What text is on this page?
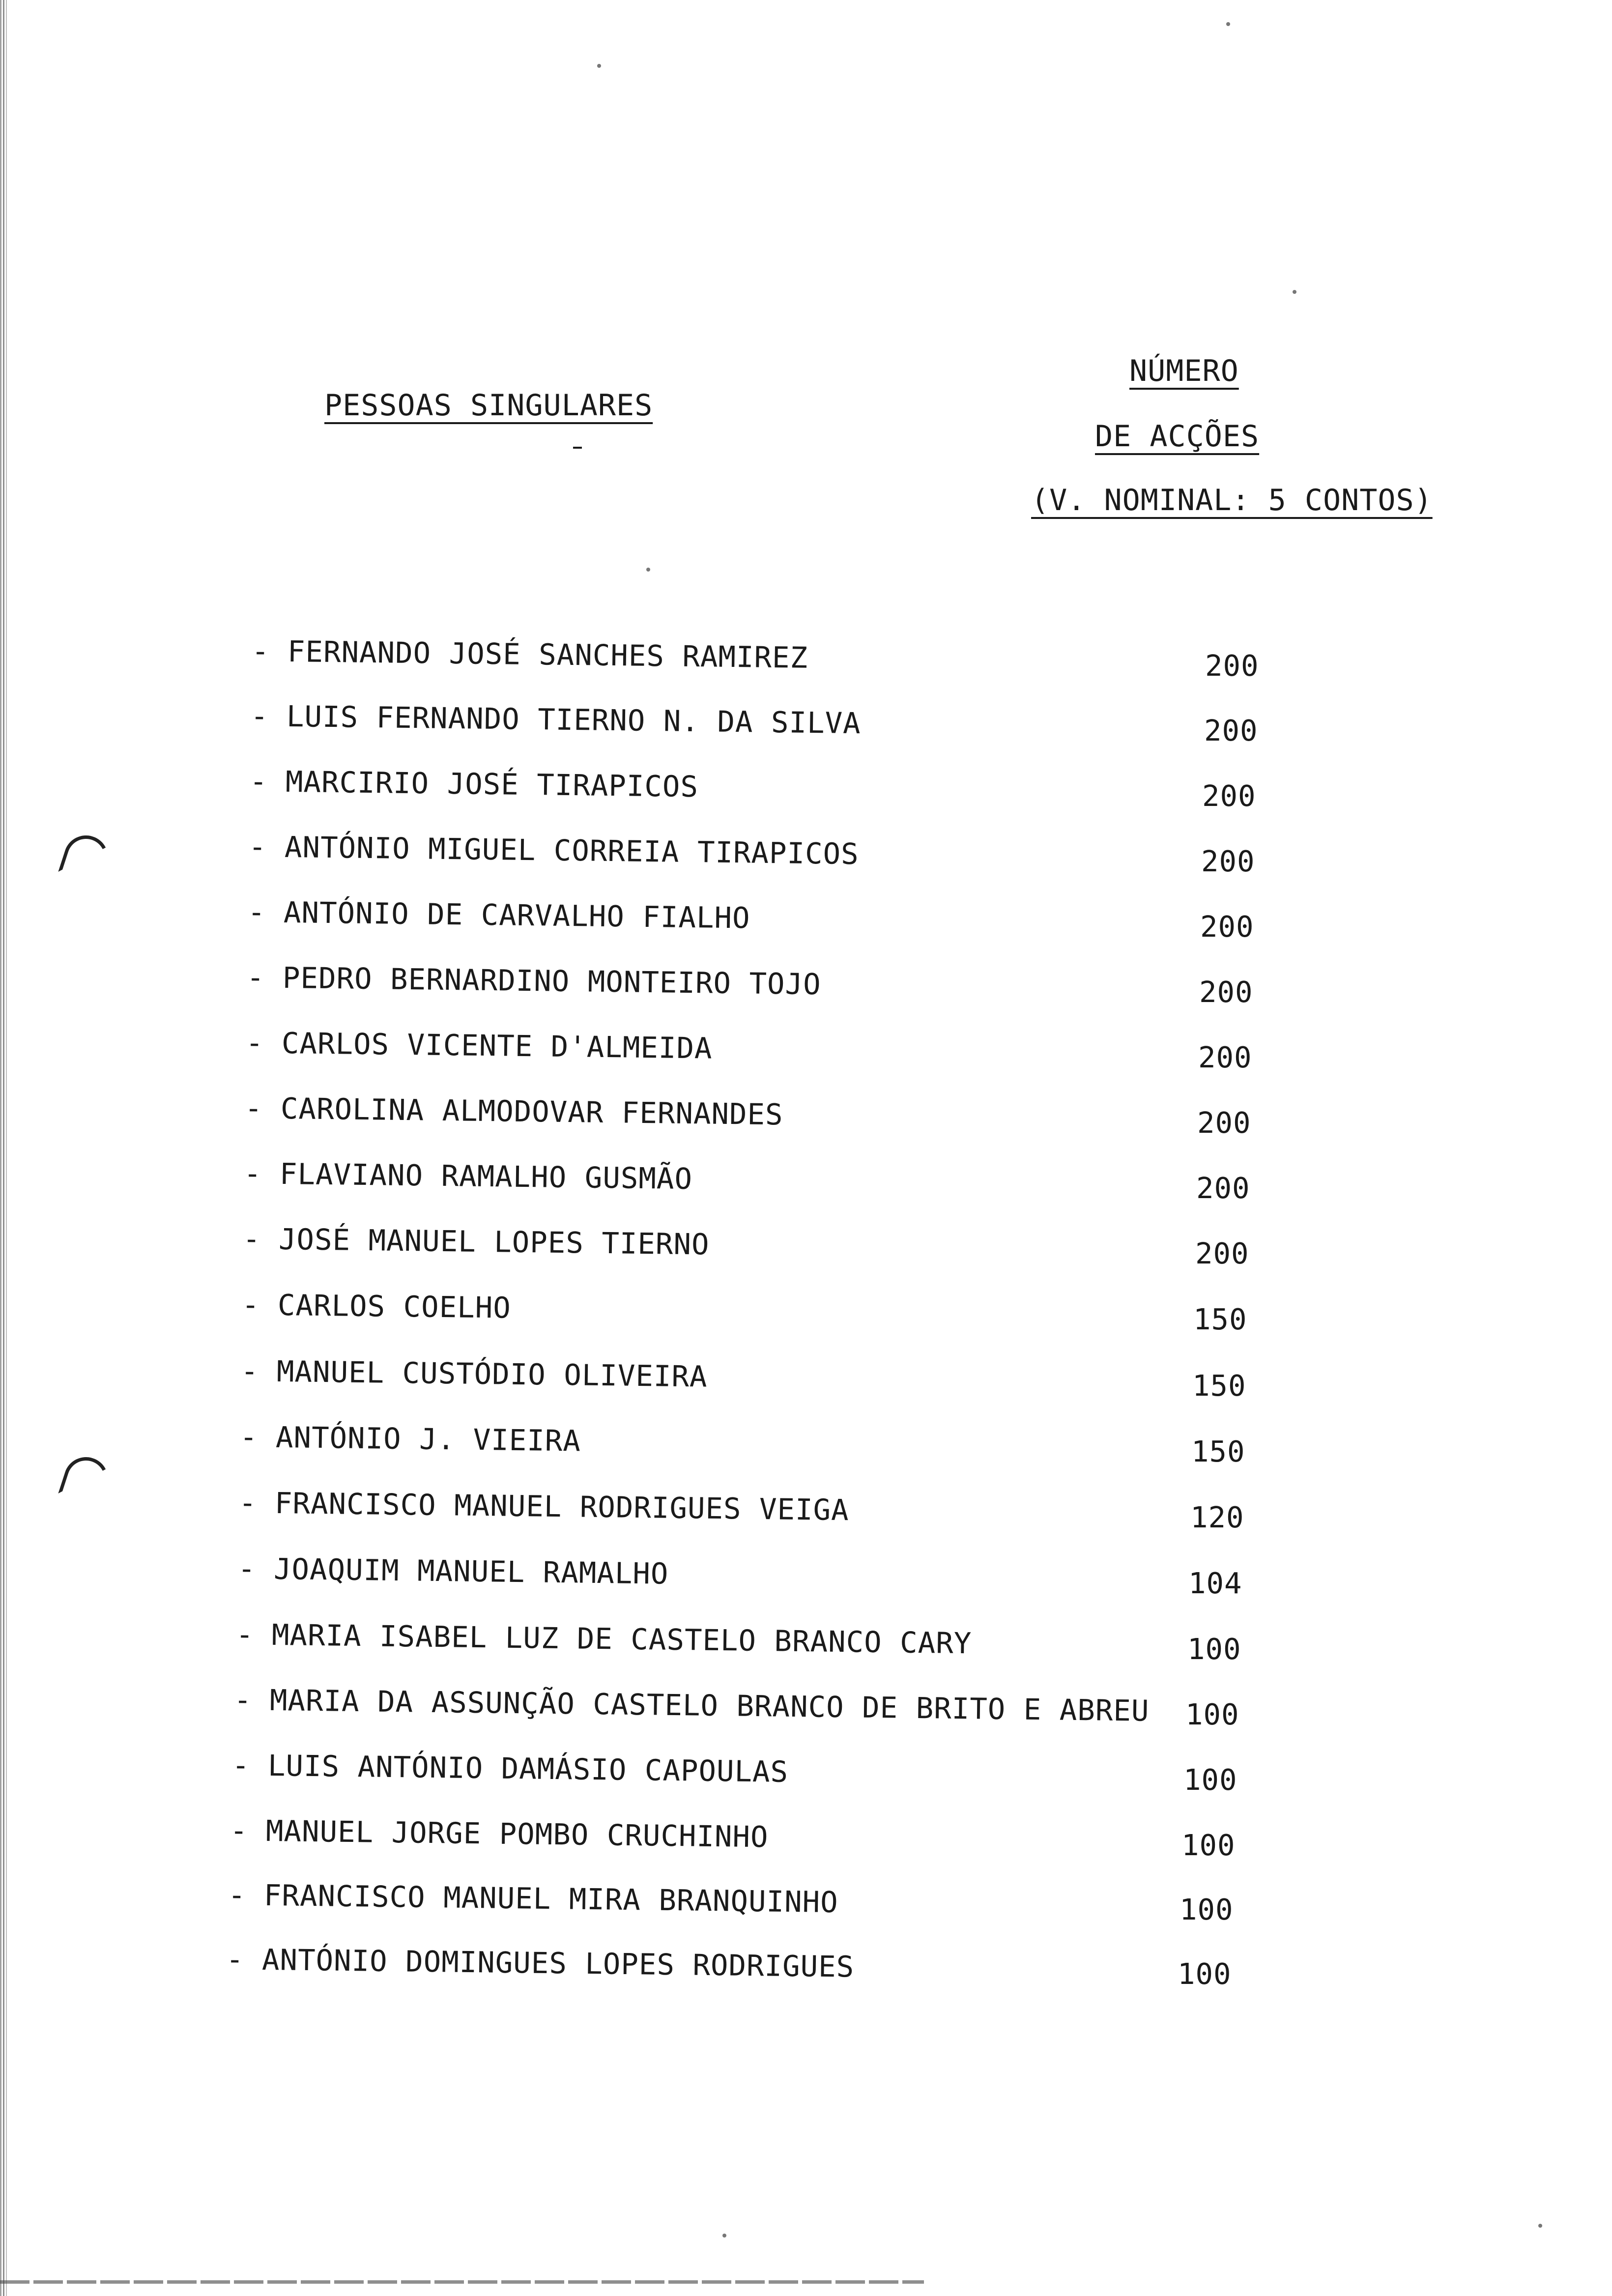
PESSOAS SINGULARES
NÚMERO
DE ACÇÕES
(V. NOMINAL: 5 CONTOS)
- FERNANDO JOSÉ SANCHES RAMIREZ	200
- LUIS FERNANDO TIERNO N. DA SILVA	200
- MARCIRIO JOSÉ TIRAPICOS	200
- ANTÓNIO MIGUEL CORREIA TIRAPICOS	200
- ANTÓNIO DE CARVALHO FIALHO	200
- PEDRO BERNARDINO MONTEIRO TOJO	200
- CARLOS VICENTE D'ALMEIDA	200
- CAROLINA ALMODOVAR FERNANDES	200
- FLAVIANO RAMALHO GUSMÃO	200
- JOSÉ MANUEL LOPES TIERNO	200
- CARLOS COELHO	150
- MANUEL CUSTÓDIO OLIVEIRA	150
- ANTÓNIO J. VIEIRA	150
- FRANCISCO MANUEL RODRIGUES VEIGA	120
- JOAQUIM MANUEL RAMALHO	104
- MARIA ISABEL LUZ DE CASTELO BRANCO CARY	100
- MARIA DA ASSUNÇÃO CASTELO BRANCO DE BRITO E ABREU 100
- LUIS ANTÓNIO DAMÁSIO CAPOULAS	100
- MANUEL JORGE POMBO CRUCHINHO	100
- FRANCISCO MANUEL MIRA BRANQUINHO	100
- ANTÓNIO DOMINGUES LOPES RODRIGUES	100
